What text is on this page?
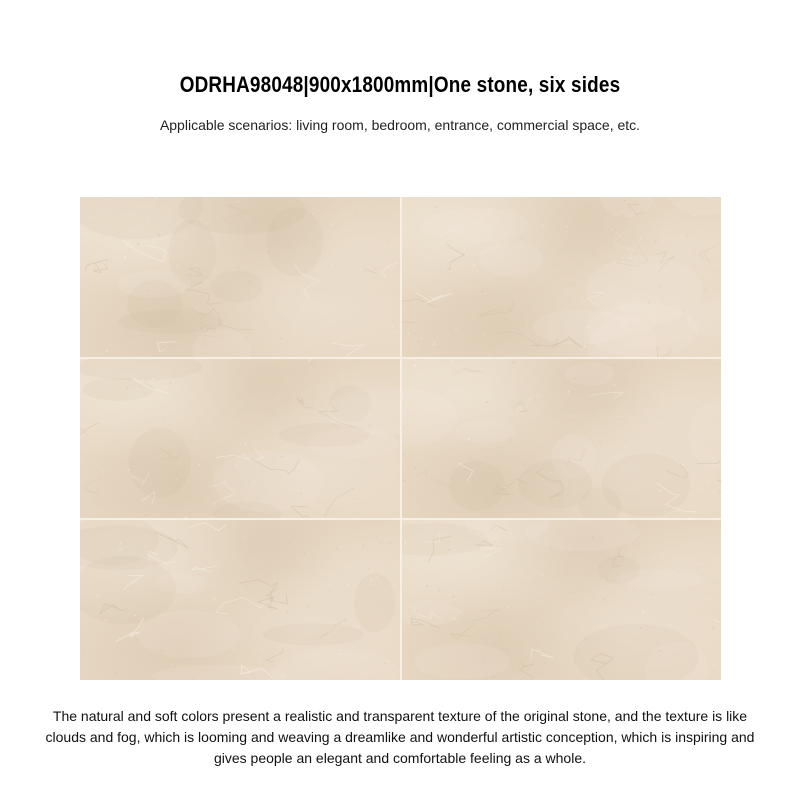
ODRHA98048|900x1800mm|One stone, six sides
Applicable scenarios: living room, bedroom, entrance, commercial space, etc.
The natural and soft colors present a realistic and transparent texture of the original stone, and the texture is like clouds and fog, which is looming and weaving a dreamlike and wonderful artistic conception, which is inspiring and gives people an elegant and comfortable feeling as a whole.
